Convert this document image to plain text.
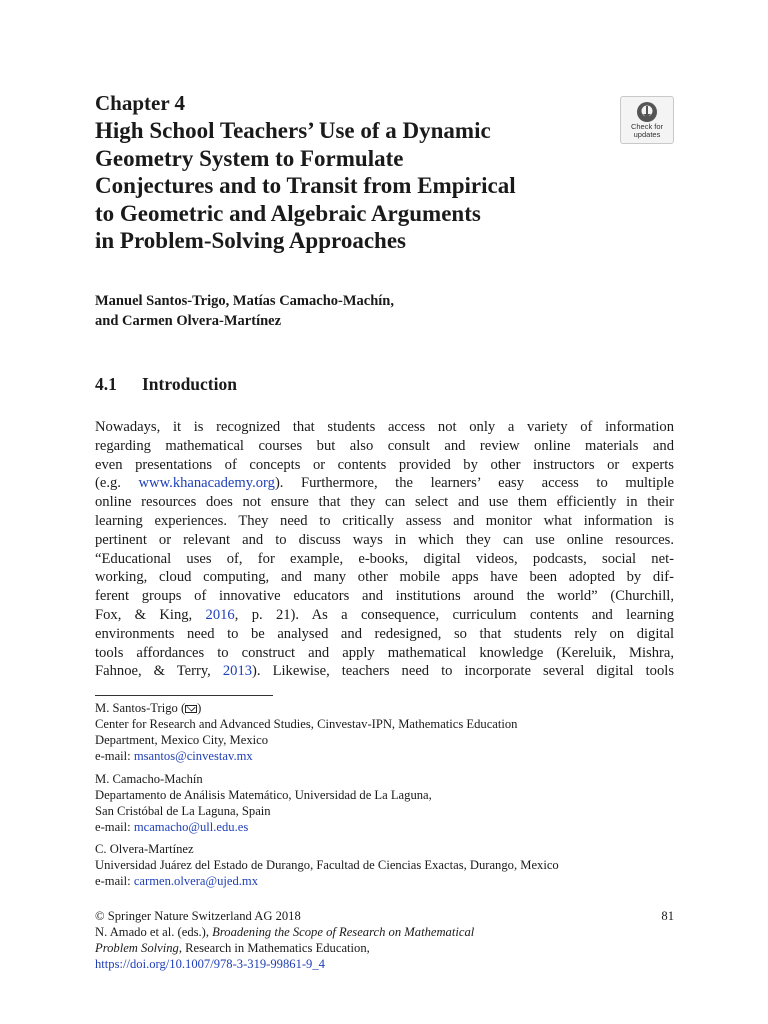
Chapter 4
High School Teachers’ Use of a Dynamic
Geometry System to Formulate
Conjectures and to Transit from Empirical
to Geometric and Algebraic Arguments
in Problem-Solving Approaches
Check for
updates
Manuel Santos-Trigo, Matías Camacho-Machín,
and Carmen Olvera-Martínez
4.1 Introduction
Nowadays, it is recognized that students access not only a variety of information
regarding mathematical courses but also consult and review online materials and
even presentations of concepts or contents provided by other instructors or experts
(e.g. www.khanacademy.org). Furthermore, the learners’ easy access to multiple
online resources does not ensure that they can select and use them efficiently in their
learning experiences. They need to critically assess and monitor what information is
pertinent or relevant and to discuss ways in which they can use online resources.
“Educational uses of, for example, e-books, digital videos, podcasts, social net-
working, cloud computing, and many other mobile apps have been adopted by dif-
ferent groups of innovative educators and institutions around the world” (Churchill,
Fox, & King, 2016, p. 21). As a consequence, curriculum contents and learning
environments need to be analysed and redesigned, so that students rely on digital
tools affordances to construct and apply mathematical knowledge (Kereluik, Mishra,
Fahnoe, & Terry, 2013). Likewise, teachers need to incorporate several digital tools
M. Santos-Trigo ( )
Center for Research and Advanced Studies, Cinvestav-IPN, Mathematics Education
Department, Mexico City, Mexico
e-mail: msantos@cinvestav.mx
M. Camacho-Machín
Departamento de Análisis Matemático, Universidad de La Laguna,
San Cristóbal de La Laguna, Spain
e-mail: mcamacho@ull.edu.es
C. Olvera-Martínez
Universidad Juárez del Estado de Durango, Facultad de Ciencias Exactas, Durango, Mexico
e-mail: carmen.olvera@ujed.mx
© Springer Nature Switzerland AG 2018
N. Amado et al. (eds.), Broadening the Scope of Research on Mathematical
Problem Solving, Research in Mathematics Education,
https://doi.org/10.1007/978-3-319-99861-9_4
81
